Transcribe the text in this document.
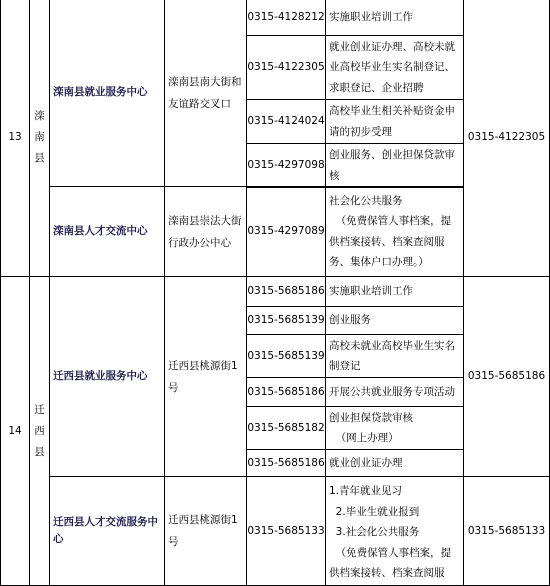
13
滦
南
县
滦南县就业服务中心
滦南县南大街和友谊路交叉口
0315-4128212 实施职业培训工作
0315-4122305
就业创业证办理、高校未就
业高校毕业生实名制登记、
求职登记、企业招聘
0315-4124024
高校毕业生相关补贴资金申
请的初步受理
0315-4297098
创业服务、创业担保贷款审
核
滦南县人才交流中心
滦南县崇法大街行政办公中心
0315-4297089
社会化公共服务
（免费保管人事档案，提
供档案接转、档案查阅服
务、集体户口办理。）
0315-4122305
14
迁
西
县
迁西县就业服务中心
迁西县桃源街1号
0315-5685186 实施职业培训工作
0315-5685139 创业服务
0315-5685139
高校未就业高校毕业生实名
制登记
0315-5685186 开展公共就业服务专项活动
0315-5685182
创业担保贷款审核
（网上办理）
0315-5685186 就业创业证办理
0315-5685186
迁西县人才交流服务中心
迁西县桃源街1号
0315-5685133
1.青年就业见习
2.毕业生就业报到
3.社会化公共服务
（免费保管人事档案，提
供档案接转、档案查阅服
0315-5685133
